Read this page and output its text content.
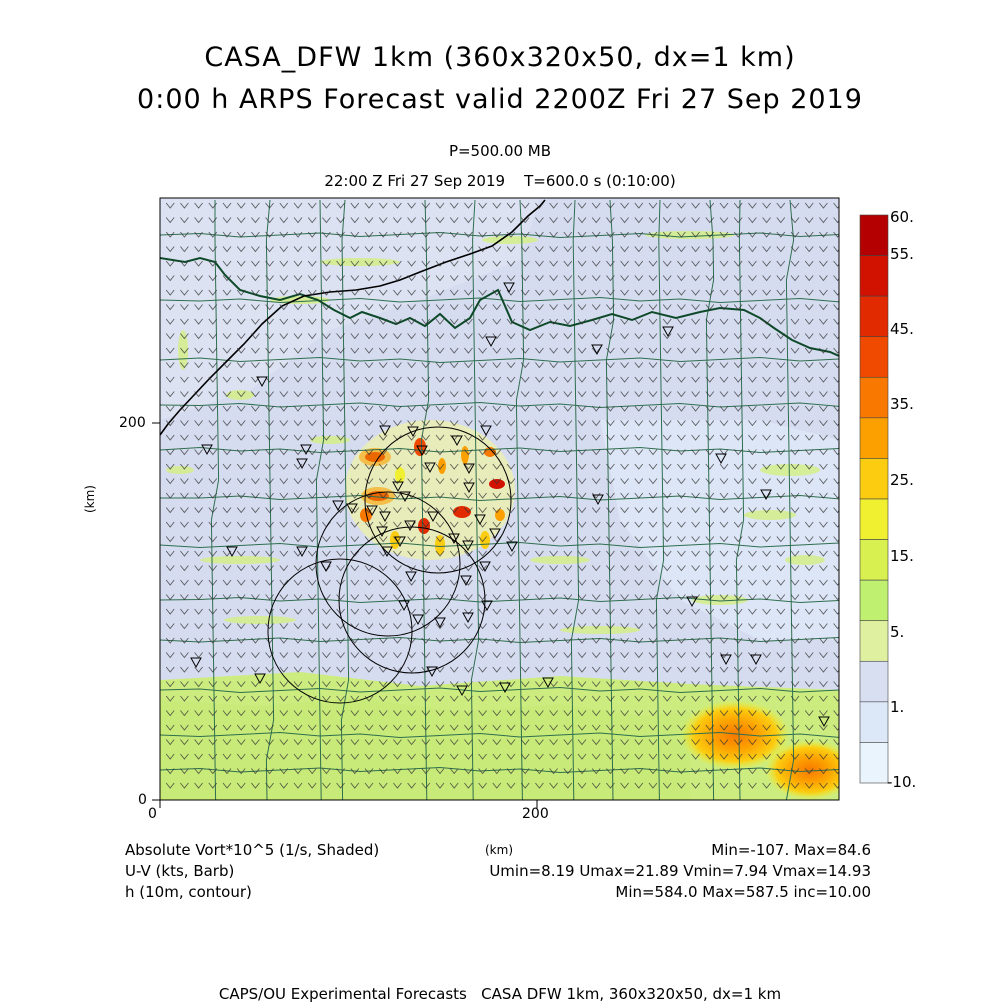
CASA_DFW 1km (360x320x50, dx=1 km)
0:00 h ARPS Forecast valid 2200Z Fri 27 Sep 2019
P=500.00 MB
22:00 Z Fri 27 Sep 2019    T=600.0 s (0:10:00)
0	200
0
200
(km)
60.
55.
45.
35.
25.
15.
5.
1.
-10.
Absolute Vort*10^5 (1/s, Shaded)
U-V (kts, Barb)
h (10m, contour)
(km)	Min=-107. Max=84.6
Umin=8.19 Umax=21.89 Vmin=7.94 Vmax=14.93
Min=584.0 Max=587.5 inc=10.00
CAPS/OU Experimental Forecasts   CASA DFW 1km, 360x320x50, dx=1 km
